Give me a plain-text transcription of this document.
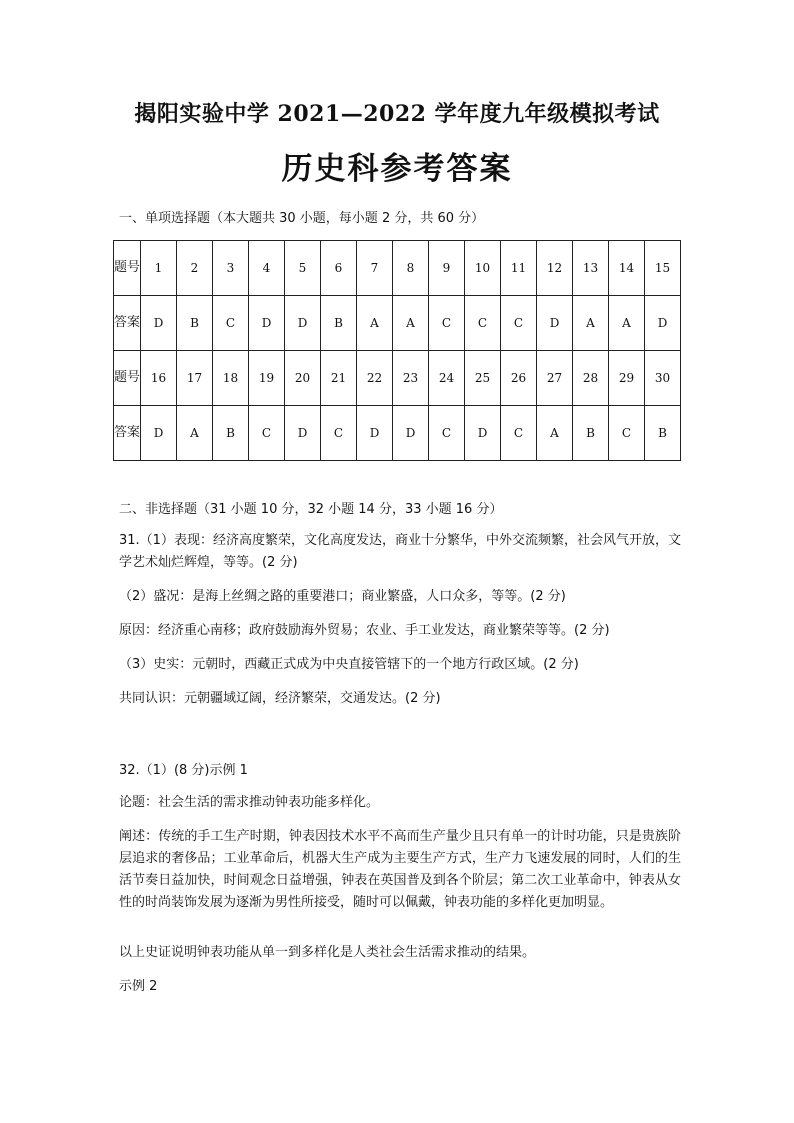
揭阳实验中学 2021—2022 学年度九年级模拟考试
历史科参考答案
一、单项选择题（本大题共 30 小题，每小题 2 分，共 60 分）
题号	1	2	3	4	5	6	7	8	9	10	11	12	13	14	15
答案	D	B	C	D	D	B	A	A	C	C	C	D	A	A	D
题号	16	17	18	19	20	21	22	23	24	25	26	27	28	29	30
答案	D	A	B	C	D	C	D	D	C	D	C	A	B	C	B
二、非选择题（31 小题 10 分，32 小题 14 分，33 小题 16 分）
31.（1）表现：经济高度繁荣，文化高度发达，商业十分繁华，中外交流频繁，社会风气开放，文学艺术灿烂辉煌，等等。(2 分)
（2）盛况：是海上丝绸之路的重要港口；商业繁盛，人口众多，等等。(2 分)
原因：经济重心南移；政府鼓励海外贸易；农业、手工业发达，商业繁荣等等。(2 分)
（3）史实：元朝时，西藏正式成为中央直接管辖下的一个地方行政区域。(2 分)
共同认识：元朝疆域辽阔，经济繁荣，交通发达。(2 分)
32.（1）(8 分)示例 1
论题：社会生活的需求推动钟表功能多样化。
阐述：传统的手工生产时期，钟表因技术水平不高而生产量少且只有单一的计时功能，只是贵族阶层追求的奢侈品；工业革命后，机器大生产成为主要生产方式，生产力飞速发展的同时，人们的生活节奏日益加快，时间观念日益增强，钟表在英国普及到各个阶层；第二次工业革命中，钟表从女性的时尚装饰发展为逐渐为男性所接受，随时可以佩戴，钟表功能的多样化更加明显。
以上史证说明钟表功能从单一到多样化是人类社会生活需求推动的结果。
示例 2
